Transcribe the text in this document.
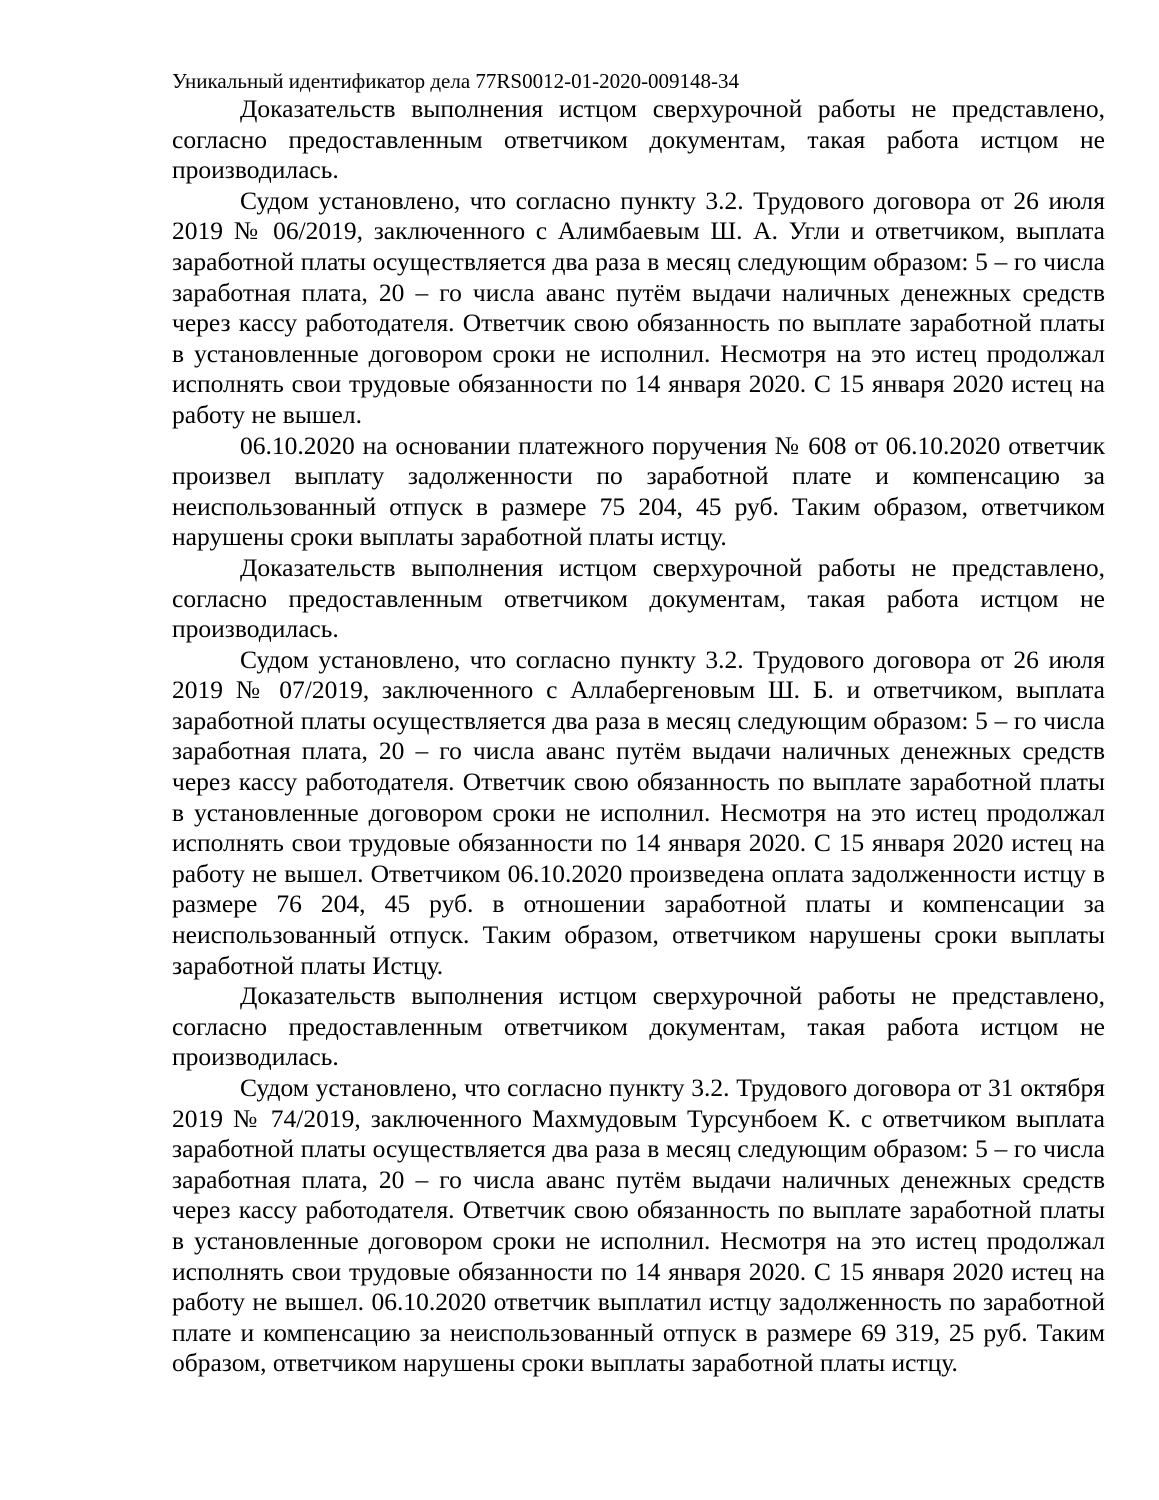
Уникальный идентификатор дела 77RS0012-01-2020-009148-34

Доказательств выполнения истцом сверхурочной работы не представлено, согласно предоставленным ответчиком документам, такая работа истцом не производилась.

Судом установлено, что согласно пункту 3.2. Трудового договора от 26 июля 2019 № 06/2019, заключенного с Алимбаевым Ш. А. Угли и ответчиком, выплата заработной платы осуществляется два раза в месяц следующим образом: 5 – го числа заработная плата, 20 – го числа аванс путём выдачи наличных денежных средств через кассу работодателя. Ответчик свою обязанность по выплате заработной платы в установленные договором сроки не исполнил. Несмотря на это истец продолжал исполнять свои трудовые обязанности по 14 января 2020. С 15 января 2020 истец на работу не вышел.

06.10.2020 на основании платежного поручения № 608 от 06.10.2020 ответчик произвел выплату задолженности по заработной плате и компенсацию за неиспользованный отпуск в размере 75 204, 45 руб. Таким образом, ответчиком нарушены сроки выплаты заработной платы истцу.

Доказательств выполнения истцом сверхурочной работы не представлено, согласно предоставленным ответчиком документам, такая работа истцом не производилась.

Судом установлено, что согласно пункту 3.2. Трудового договора от 26 июля 2019 № 07/2019, заключенного с Аллабергеновым Ш. Б. и ответчиком, выплата заработной платы осуществляется два раза в месяц следующим образом: 5 – го числа заработная плата, 20 – го числа аванс путём выдачи наличных денежных средств через кассу работодателя. Ответчик свою обязанность по выплате заработной платы в установленные договором сроки не исполнил. Несмотря на это истец продолжал исполнять свои трудовые обязанности по 14 января 2020. С 15 января 2020 истец на работу не вышел. Ответчиком 06.10.2020 произведена оплата задолженности истцу в размере 76 204, 45 руб. в отношении заработной платы и компенсации за неиспользованный отпуск. Таким образом, ответчиком нарушены сроки выплаты заработной платы Истцу.

Доказательств выполнения истцом сверхурочной работы не представлено, согласно предоставленным ответчиком документам, такая работа истцом не производилась.

Судом установлено, что согласно пункту 3.2. Трудового договора от 31 октября 2019 № 74/2019, заключенного Махмудовым Турсунбоем К. с ответчиком выплата заработной платы осуществляется два раза в месяц следующим образом: 5 – го числа заработная плата, 20 – го числа аванс путём выдачи наличных денежных средств через кассу работодателя. Ответчик свою обязанность по выплате заработной платы в установленные договором сроки не исполнил. Несмотря на это истец продолжал исполнять свои трудовые обязанности по 14 января 2020. С 15 января 2020 истец на работу не вышел. 06.10.2020 ответчик выплатил истцу задолженность по заработной плате и компенсацию за неиспользованный отпуск в размере 69 319, 25 руб. Таким образом, ответчиком нарушены сроки выплаты заработной платы истцу.
